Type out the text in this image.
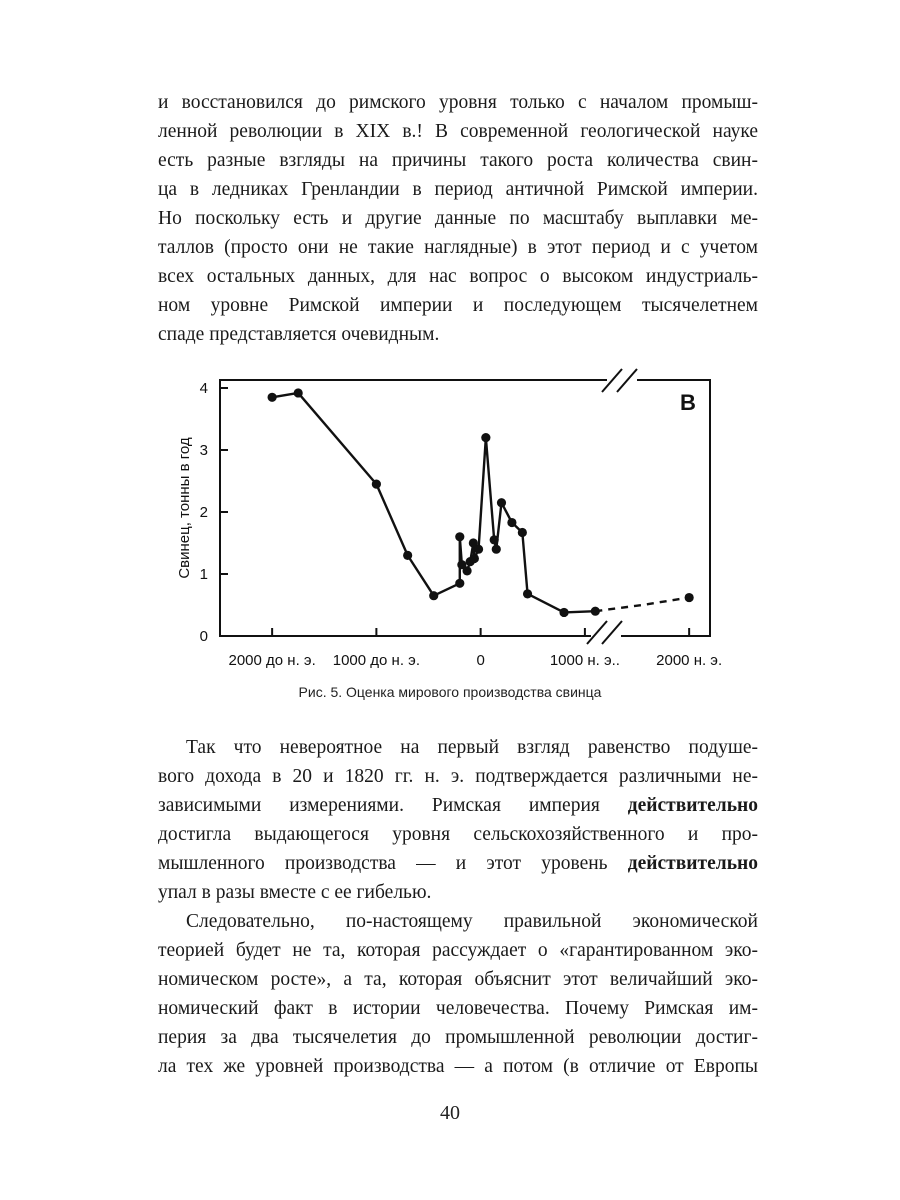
и восстановился до римского уровня только с началом промыш-
ленной революции в XIX в.! В современной геологической науке
есть разные взгляды на причины такого роста количества свин-
ца в ледниках Гренландии в период античной Римской империи.
Но поскольку есть и другие данные по масштабу выплавки ме-
таллов (просто они не такие наглядные) в этот период и с учетом
всех остальных данных, для нас вопрос о высоком индустриаль-
ном уровне Римской империи и последующем тысячелетнем
спаде представляется очевидным.
0
1
2
3
4
Свинец, тонны в год
B
2000 до н. э. 1000 до н. э.	0	1000 н. э.. 2000 н. э.
Рис. 5. Оценка мирового производства свинца
Так что невероятное на первый взгляд равенство подуше-
вого дохода в 20 и 1820 гг. н. э. подтверждается различными не-
зависимыми измерениями. Римская империя действительно
достигла выдающегося уровня сельскохозяйственного и про-
мышленного производства — и этот уровень действительно
упал в разы вместе с ее гибелью.
Следовательно, по-настоящему правильной экономической
теорией будет не та, которая рассуждает о «гарантированном эко-
номическом росте», а та, которая объяснит этот величайший эко-
номический факт в истории человечества. Почему Римская им-
перия за два тысячелетия до промышленной революции достиг-
ла тех же уровней производства — а потом (в отличие от Европы
40
